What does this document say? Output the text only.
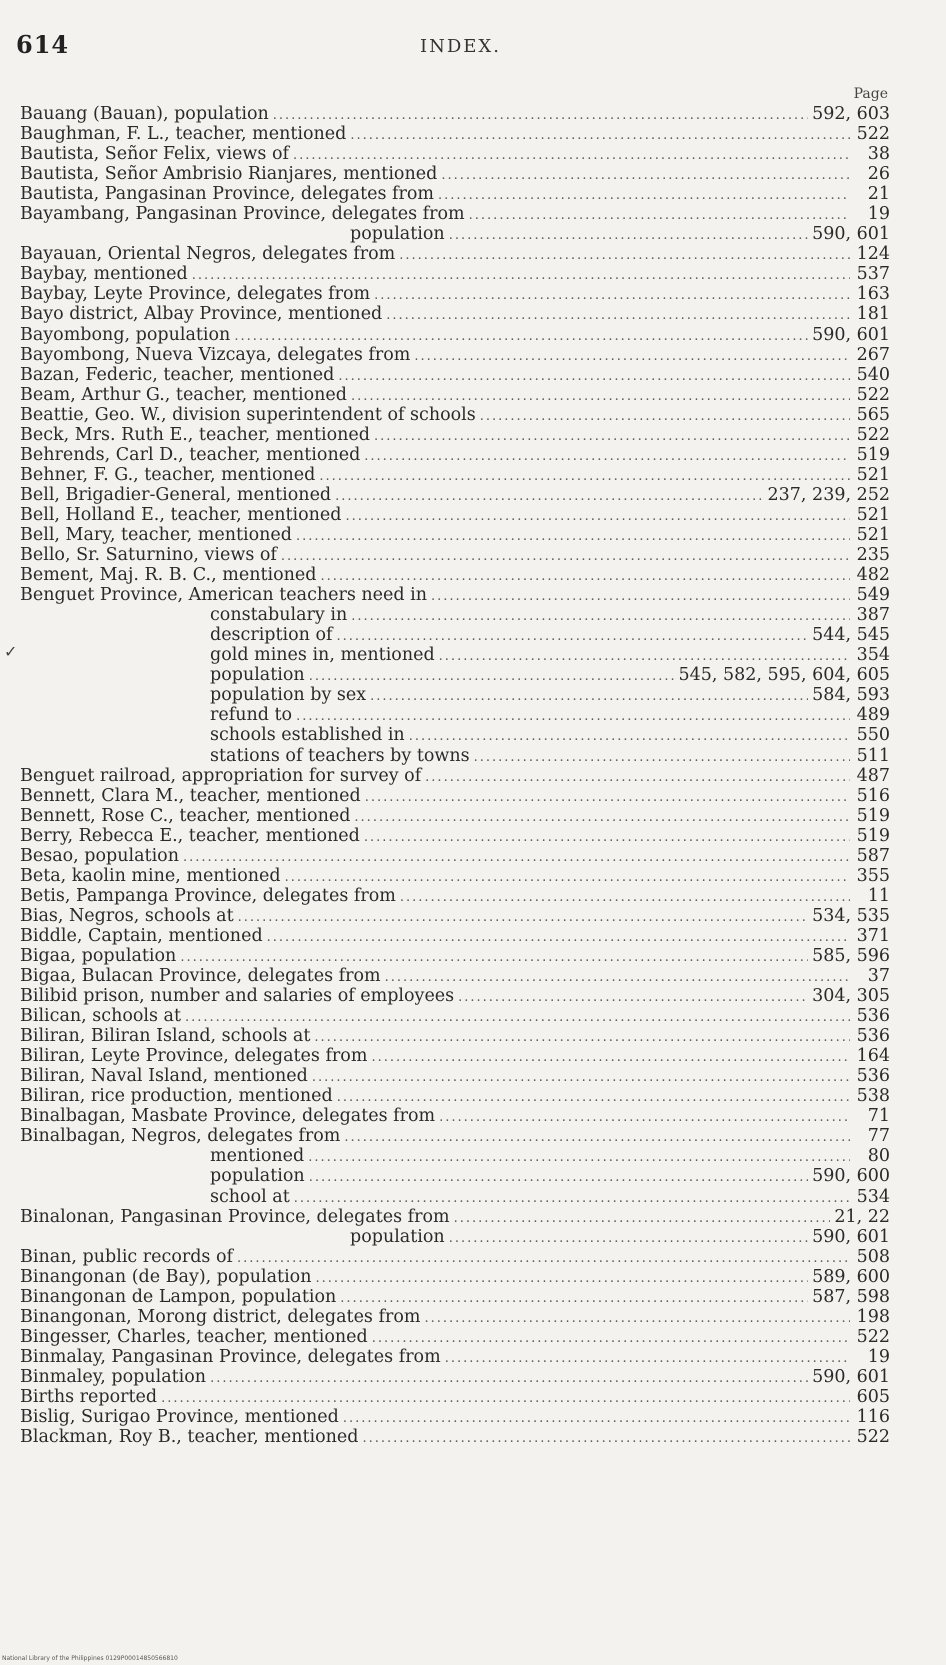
614	INDEX.
Page
✓
Bauang (Bauan), population .....	592, 603
Baughman, F. L., teacher, mentioned .....	522
Bautista, Señor Felix, views of .....	38
Bautista, Señor Ambrisio Rianjares, mentioned .....	26
Bautista, Pangasinan Province, delegates from .....	21
Bayambang, Pangasinan Province, delegates from .....	19
population .....	590, 601
Bayauan, Oriental Negros, delegates from .....	124
Baybay, mentioned .....	537
Baybay, Leyte Province, delegates from .....	163
Bayo district, Albay Province, mentioned .....	181
Bayombong, population .....	590, 601
Bayombong, Nueva Vizcaya, delegates from .....	267
Bazan, Federic, teacher, mentioned .....	540
Beam, Arthur G., teacher, mentioned .....	522
Beattie, Geo. W., division superintendent of schools .....	565
Beck, Mrs. Ruth E., teacher, mentioned .....	522
Behrends, Carl D., teacher, mentioned .....	519
Behner, F. G., teacher, mentioned .....	521
Bell, Brigadier-General, mentioned .....	237, 239, 252
Bell, Holland E., teacher, mentioned .....	521
Bell, Mary, teacher, mentioned .....	521
Bello, Sr. Saturnino, views of .....	235
Bement, Maj. R. B. C., mentioned .....	482
Benguet Province, American teachers need in .....	549
constabulary in .....	387
description of .....	544, 545
gold mines in, mentioned .....	354
population .....	545, 582, 595, 604, 605
population by sex .....	584, 593
refund to .....	489
schools established in .....	550
stations of teachers by towns .....	511
Benguet railroad, appropriation for survey of .....	487
Bennett, Clara M., teacher, mentioned .....	516
Bennett, Rose C., teacher, mentioned .....	519
Berry, Rebecca E., teacher, mentioned .....	519
Besao, population .....	587
Beta, kaolin mine, mentioned .....	355
Betis, Pampanga Province, delegates from .....	11
Bias, Negros, schools at .....	534, 535
Biddle, Captain, mentioned .....	371
Bigaa, population .....	585, 596
Bigaa, Bulacan Province, delegates from .....	37
Bilibid prison, number and salaries of employees .....	304, 305
Bilican, schools at .....	536
Biliran, Biliran Island, schools at .....	536
Biliran, Leyte Province, delegates from .....	164
Biliran, Naval Island, mentioned .....	536
Biliran, rice production, mentioned .....	538
Binalbagan, Masbate Province, delegates from .....	71
Binalbagan, Negros, delegates from .....	77
mentioned .....	80
population .....	590, 600
school at .....	534
Binalonan, Pangasinan Province, delegates from .....	21, 22
population .....	590, 601
Binan, public records of .....	508
Binangonan (de Bay), population .....	589, 600
Binangonan de Lampon, population .....	587, 598
Binangonan, Morong district, delegates from .....	198
Bingesser, Charles, teacher, mentioned .....	522
Binmalay, Pangasinan Province, delegates from .....	19
Binmaley, population .....	590, 601
Births reported .....	605
Bislig, Surigao Province, mentioned .....	116
Blackman, Roy B., teacher, mentioned .....	522
National Library of the Philippines 0129P00014850566810
